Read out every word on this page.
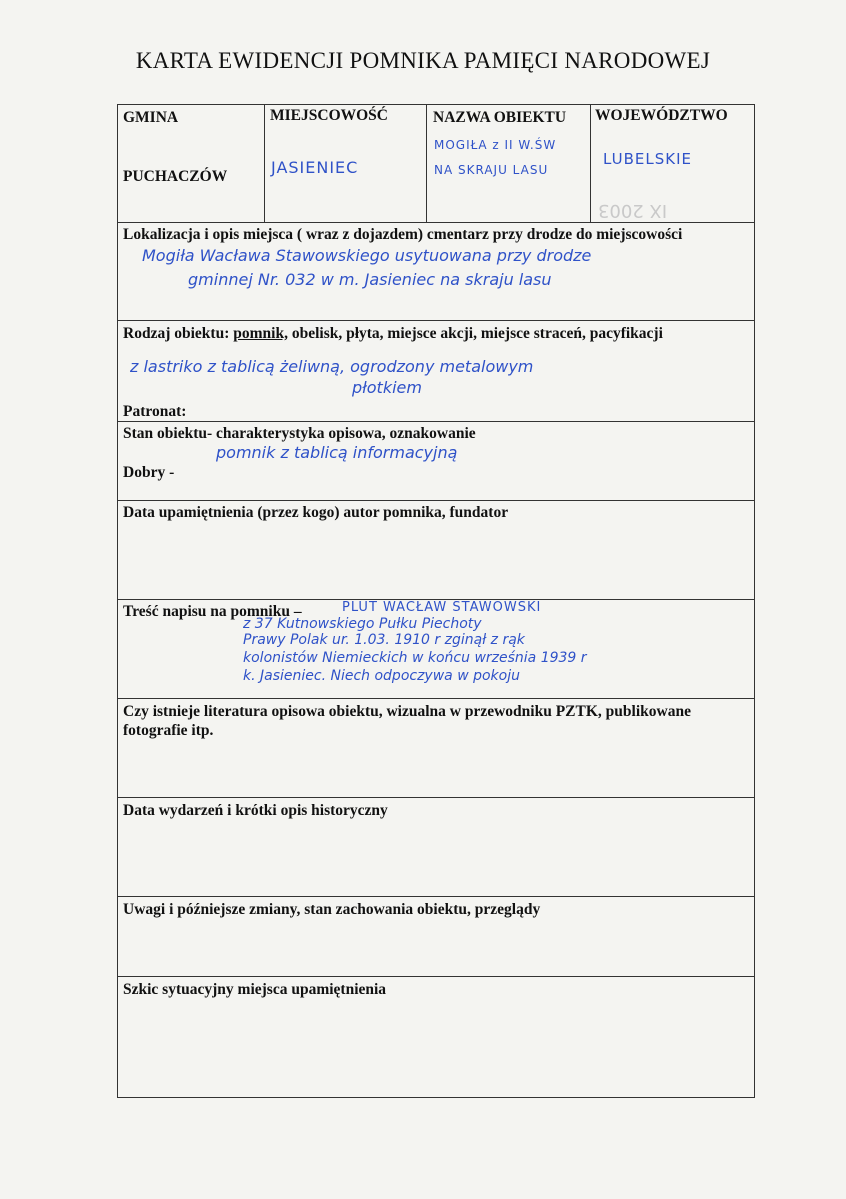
KARTA EWIDENCJI POMNIKA PAMIĘCI NARODOWEJ
GMINA
PUCHACZÓW
MIEJSCOWOŚĆ
JASIENIEC
NAZWA OBIEKTU
MOGIŁA z II W.ŚW
NA SKRAJU LASU
WOJEWÓDZTWO
LUBELSKIE
IX 2003
Lokalizacja i opis miejsca ( wraz z dojazdem) cmentarz przy drodze do miejscowości
Mogiła Wacława Stawowskiego usytuowana przy drodze
gminnej Nr. 032 w m. Jasieniec na skraju lasu
Rodzaj obiektu: pomnik, obelisk, płyta, miejsce akcji, miejsce straceń, pacyfikacji
z lastriko z tablicą żeliwną, ogrodzony metalowym
płotkiem
Patronat:
Stan obiektu- charakterystyka opisowa, oznakowanie
pomnik z tablicą informacyjną
Dobry -
Data upamiętnienia (przez kogo) autor pomnika, fundator
Treść napisu na pomniku –	PLUT WACŁAW STAWOWSKI
z 37 Kutnowskiego Pułku Piechoty
Prawy Polak ur. 1.03. 1910 r zginął z rąk
kolonistów Niemieckich w końcu września 1939 r
k. Jasieniec. Niech odpoczywa w pokoju
Czy istnieje literatura opisowa obiektu, wizualna w przewodniku PZTK, publikowane
fotografie itp.
Data wydarzeń i krótki opis historyczny
Uwagi i późniejsze zmiany, stan zachowania obiektu, przeglądy
Szkic sytuacyjny miejsca upamiętnienia
